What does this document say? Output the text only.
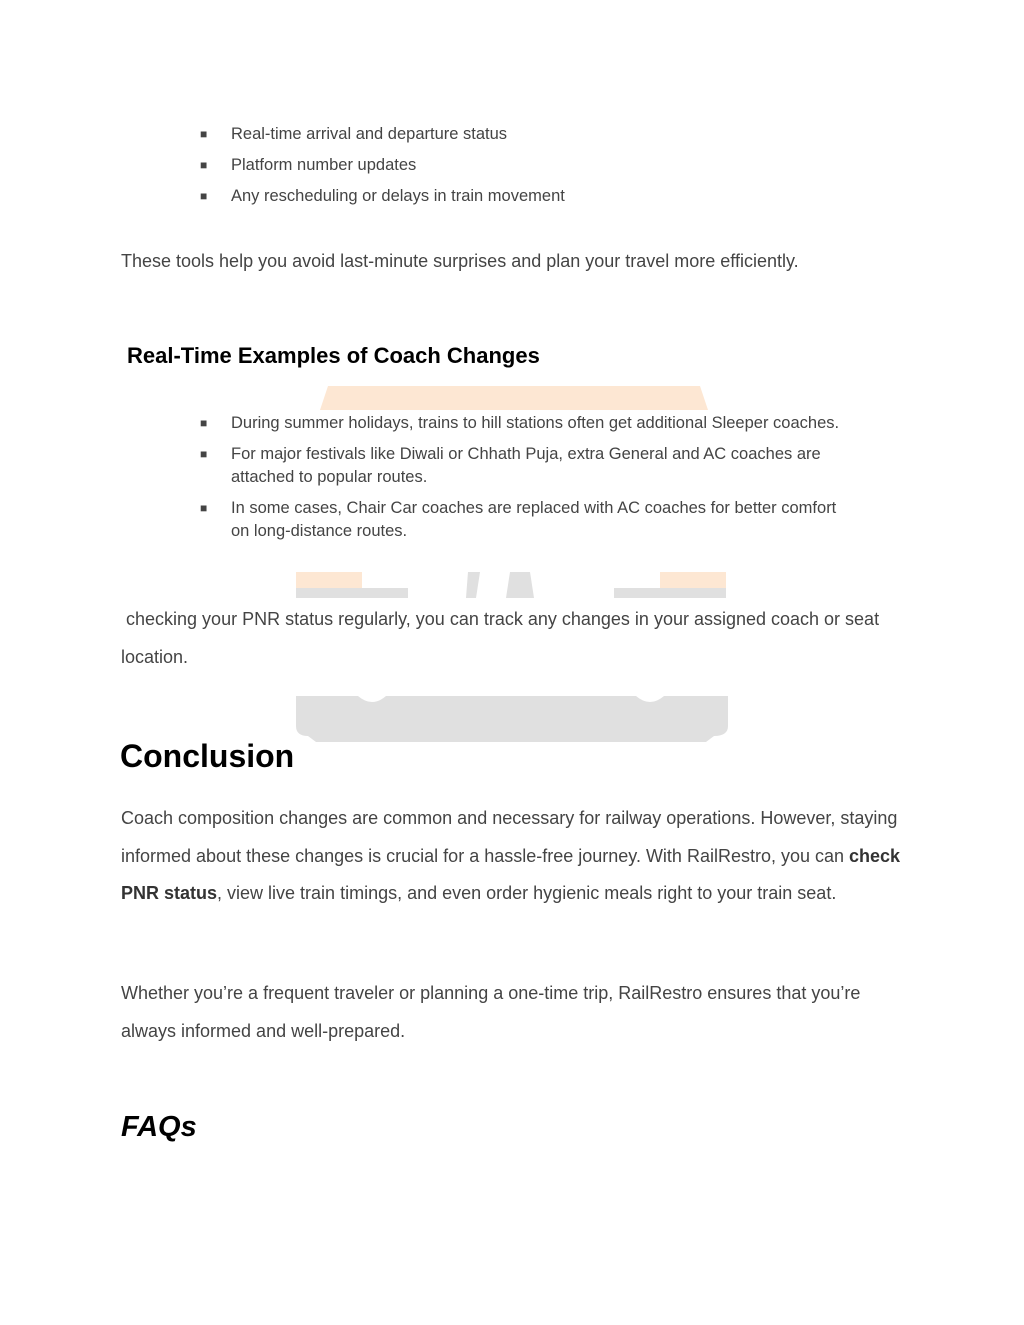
■ Real-time arrival and departure status
■ Platform number updates
■ Any rescheduling or delays in train movement

These tools help you avoid last-minute surprises and plan your travel more efficiently.

Real-Time Examples of Coach Changes
■ During summer holidays, trains to hill stations often get additional Sleeper coaches.
■ For major festivals like Diwali or Chhath Puja, extra General and AC coaches are attached to popular routes.
■ In some cases, Chair Car coaches are replaced with AC coaches for better comfort on long-distance routes.

checking your PNR status regularly, you can track any changes in your assigned coach or seat location.

Conclusion

Coach composition changes are common and necessary for railway operations. However, staying informed about these changes is crucial for a hassle-free journey. With RailRestro, you can check PNR status, view live train timings, and even order hygienic meals right to your train seat.

Whether you’re a frequent traveler or planning a one-time trip, RailRestro ensures that you’re always informed and well-prepared.

FAQs
